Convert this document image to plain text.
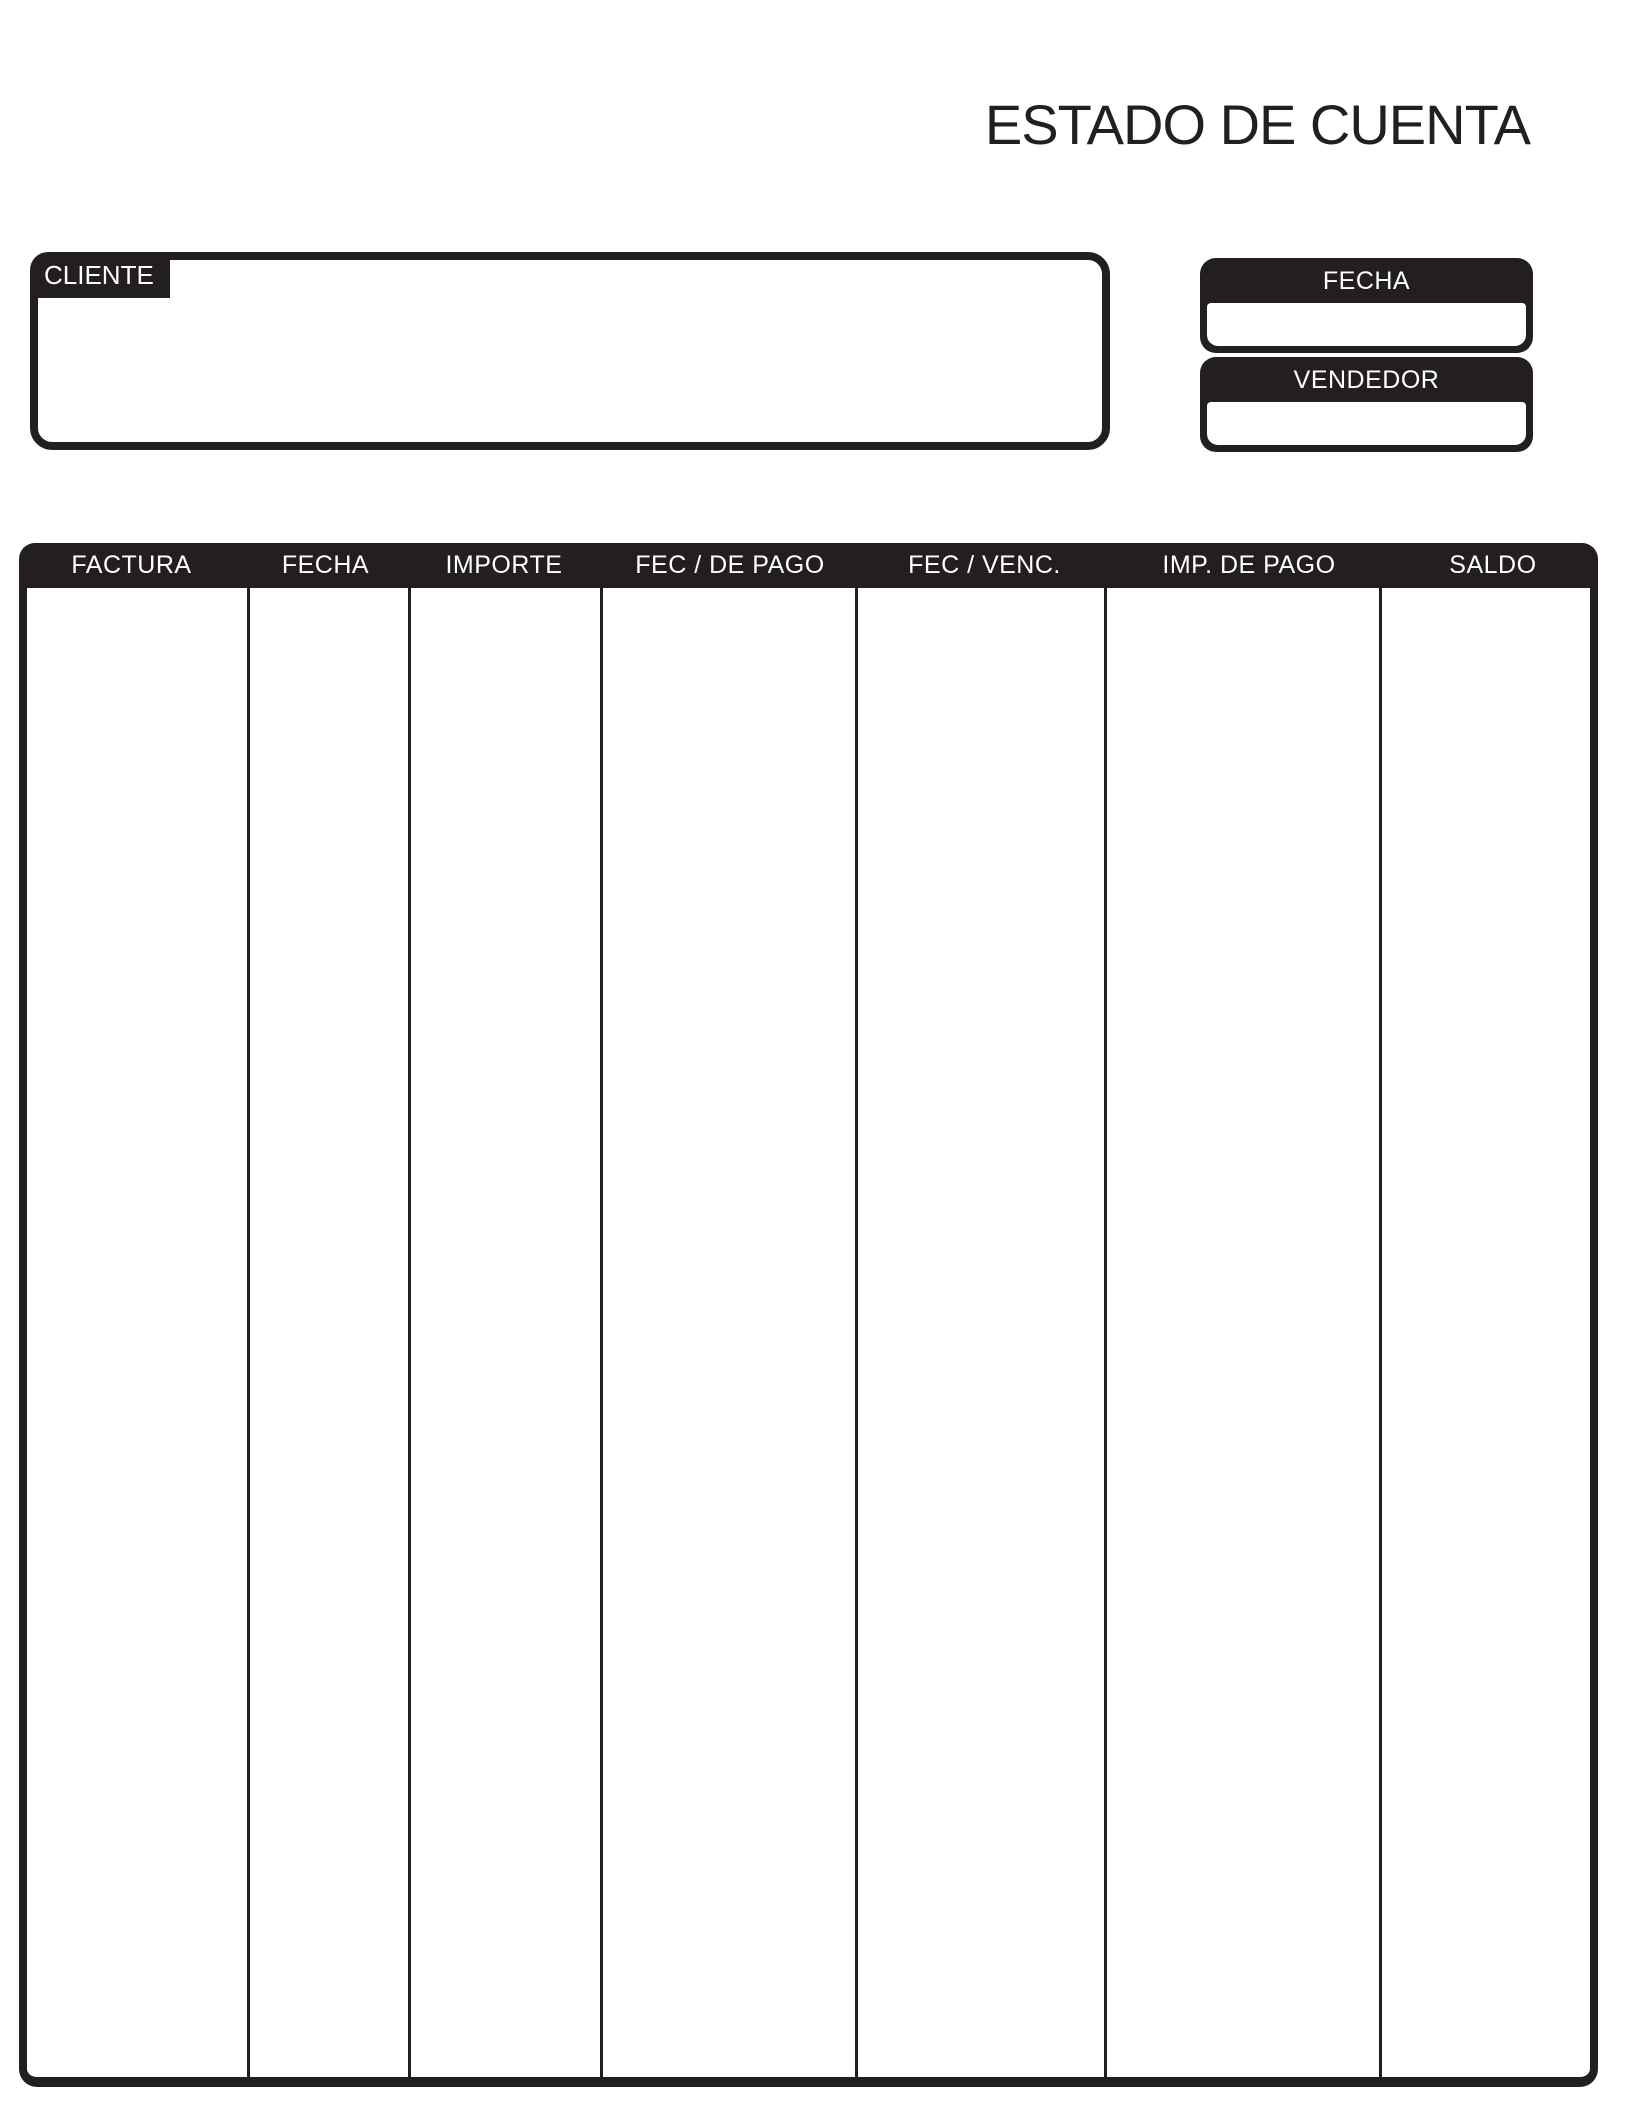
ESTADO DE CUENTA
CLIENTE	FECHA
VENDEDOR
FACTURA	FECHA	IMPORTE	FEC / DE PAGO	FEC / VENC.	IMP. DE PAGO	SALDO
